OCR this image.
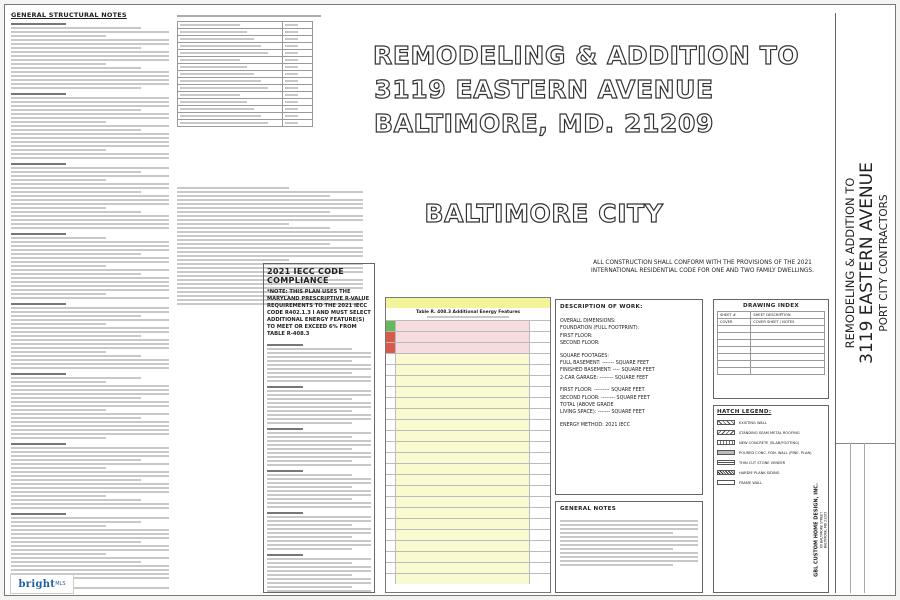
GENERAL STRUCTURAL NOTES

REMODELING & ADDITION TO
3119 EASTERN AVENUE
BALTIMORE, MD. 21209
BALTIMORE CITY
ALL CONSTRUCTION SHALL CONFORM WITH THE PROVISIONS OF THE 2021 INTERNATIONAL RESIDENTIAL CODE FOR ONE AND TWO FAMILY DWELLINGS.
2021 IECC CODE COMPLIANCE
*NOTE: THIS PLAN USES THE MARYLAND PRESCRIPTIVE R-VALUE REQUIREMENTS TO THE 2021 IECC CODE R402.1.3 I AND MUST SELECT ADDITIONAL ENERGY FEATURE(S) TO MEET OR EXCEED 6% FROM TABLE R-408.3
Table R. 408.3 Additional Energy Features
DESCRIPTION OF WORK:
OVERALL DIMENSIONS:
FOUNDATION (FULL FOOTPRINT):
FIRST FLOOR:
SECOND FLOOR:
SQUARE FOOTAGES:
FULL BASEMENT: ------- SQUARE FEET
FINISHED BASEMENT: ---- SQUARE FEET
2-CAR GARAGE: -------- SQUARE FEET
FIRST FLOOR: --------- SQUARE FEET
SECOND FLOOR: -------- SQUARE FEET
TOTAL (ABOVE GRADE
LIVING SPACE): ------- SQUARE FEET
ENERGY METHOD: 2021 IECC
GENERAL NOTES
DRAWING INDEX
SHEET #	SHEET DESCRIPTION
COVER	COVER SHEET / NOTES

HATCH LEGEND:
EXISTING WALL
STANDING SEAM METAL ROOFING
NEW CONCRETE (SLAB/FOOTING)
POURED CONC. FDN. WALL (PINE. PLAN)
THIN CUT STONE VENEER
HARDIE PLANK SIDING
FRAME WALL
GBL CUSTOM HOME DESIGN, INC. 60 BALTIMORE STREET BALTIMORE, MD 21205
REMODELING & ADDITION TO 3119 EASTERN AVENUE PORT CITY CONTRACTORS
bright MLS
